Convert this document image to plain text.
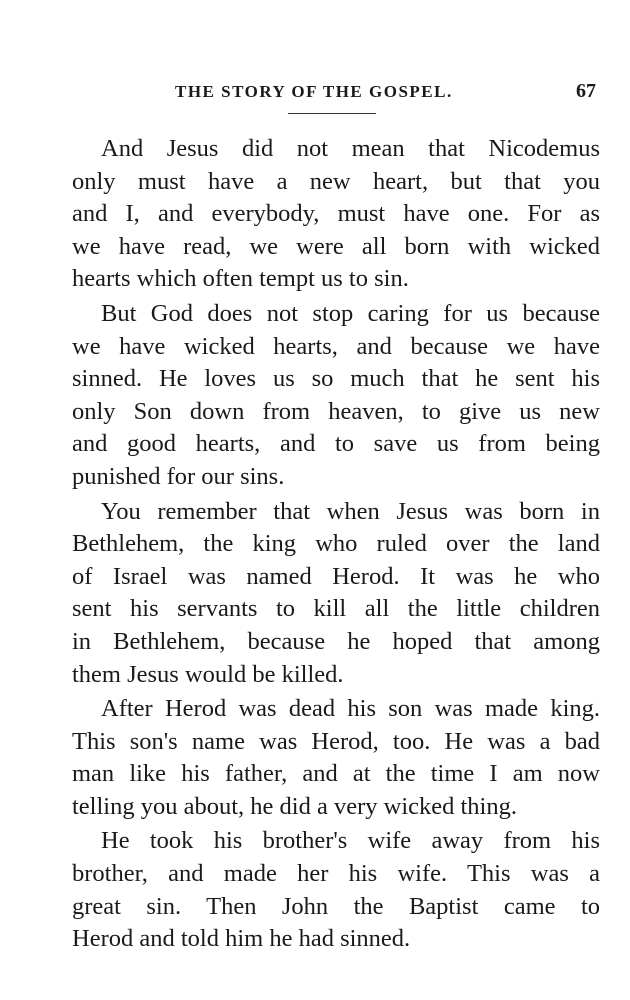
THE STORY OF THE GOSPEL.	67
And Jesus did not mean that Nicodemus
only must have a new heart, but that you
and I, and everybody, must have one. For as
we have read, we were all born with wicked
hearts which often tempt us to sin.
But God does not stop caring for us because
we have wicked hearts, and because we have
sinned. He loves us so much that he sent his
only Son down from heaven, to give us new
and good hearts, and to save us from being
punished for our sins.
You remember that when Jesus was born in
Bethlehem, the king who ruled over the land
of Israel was named Herod. It was he who
sent his servants to kill all the little children
in Bethlehem, because he hoped that among
them Jesus would be killed.
After Herod was dead his son was made king.
This son's name was Herod, too. He was a bad
man like his father, and at the time I am now
telling you about, he did a very wicked thing.
He took his brother's wife away from his
brother, and made her his wife. This was a
great sin. Then John the Baptist came to
Herod and told him he had sinned.
